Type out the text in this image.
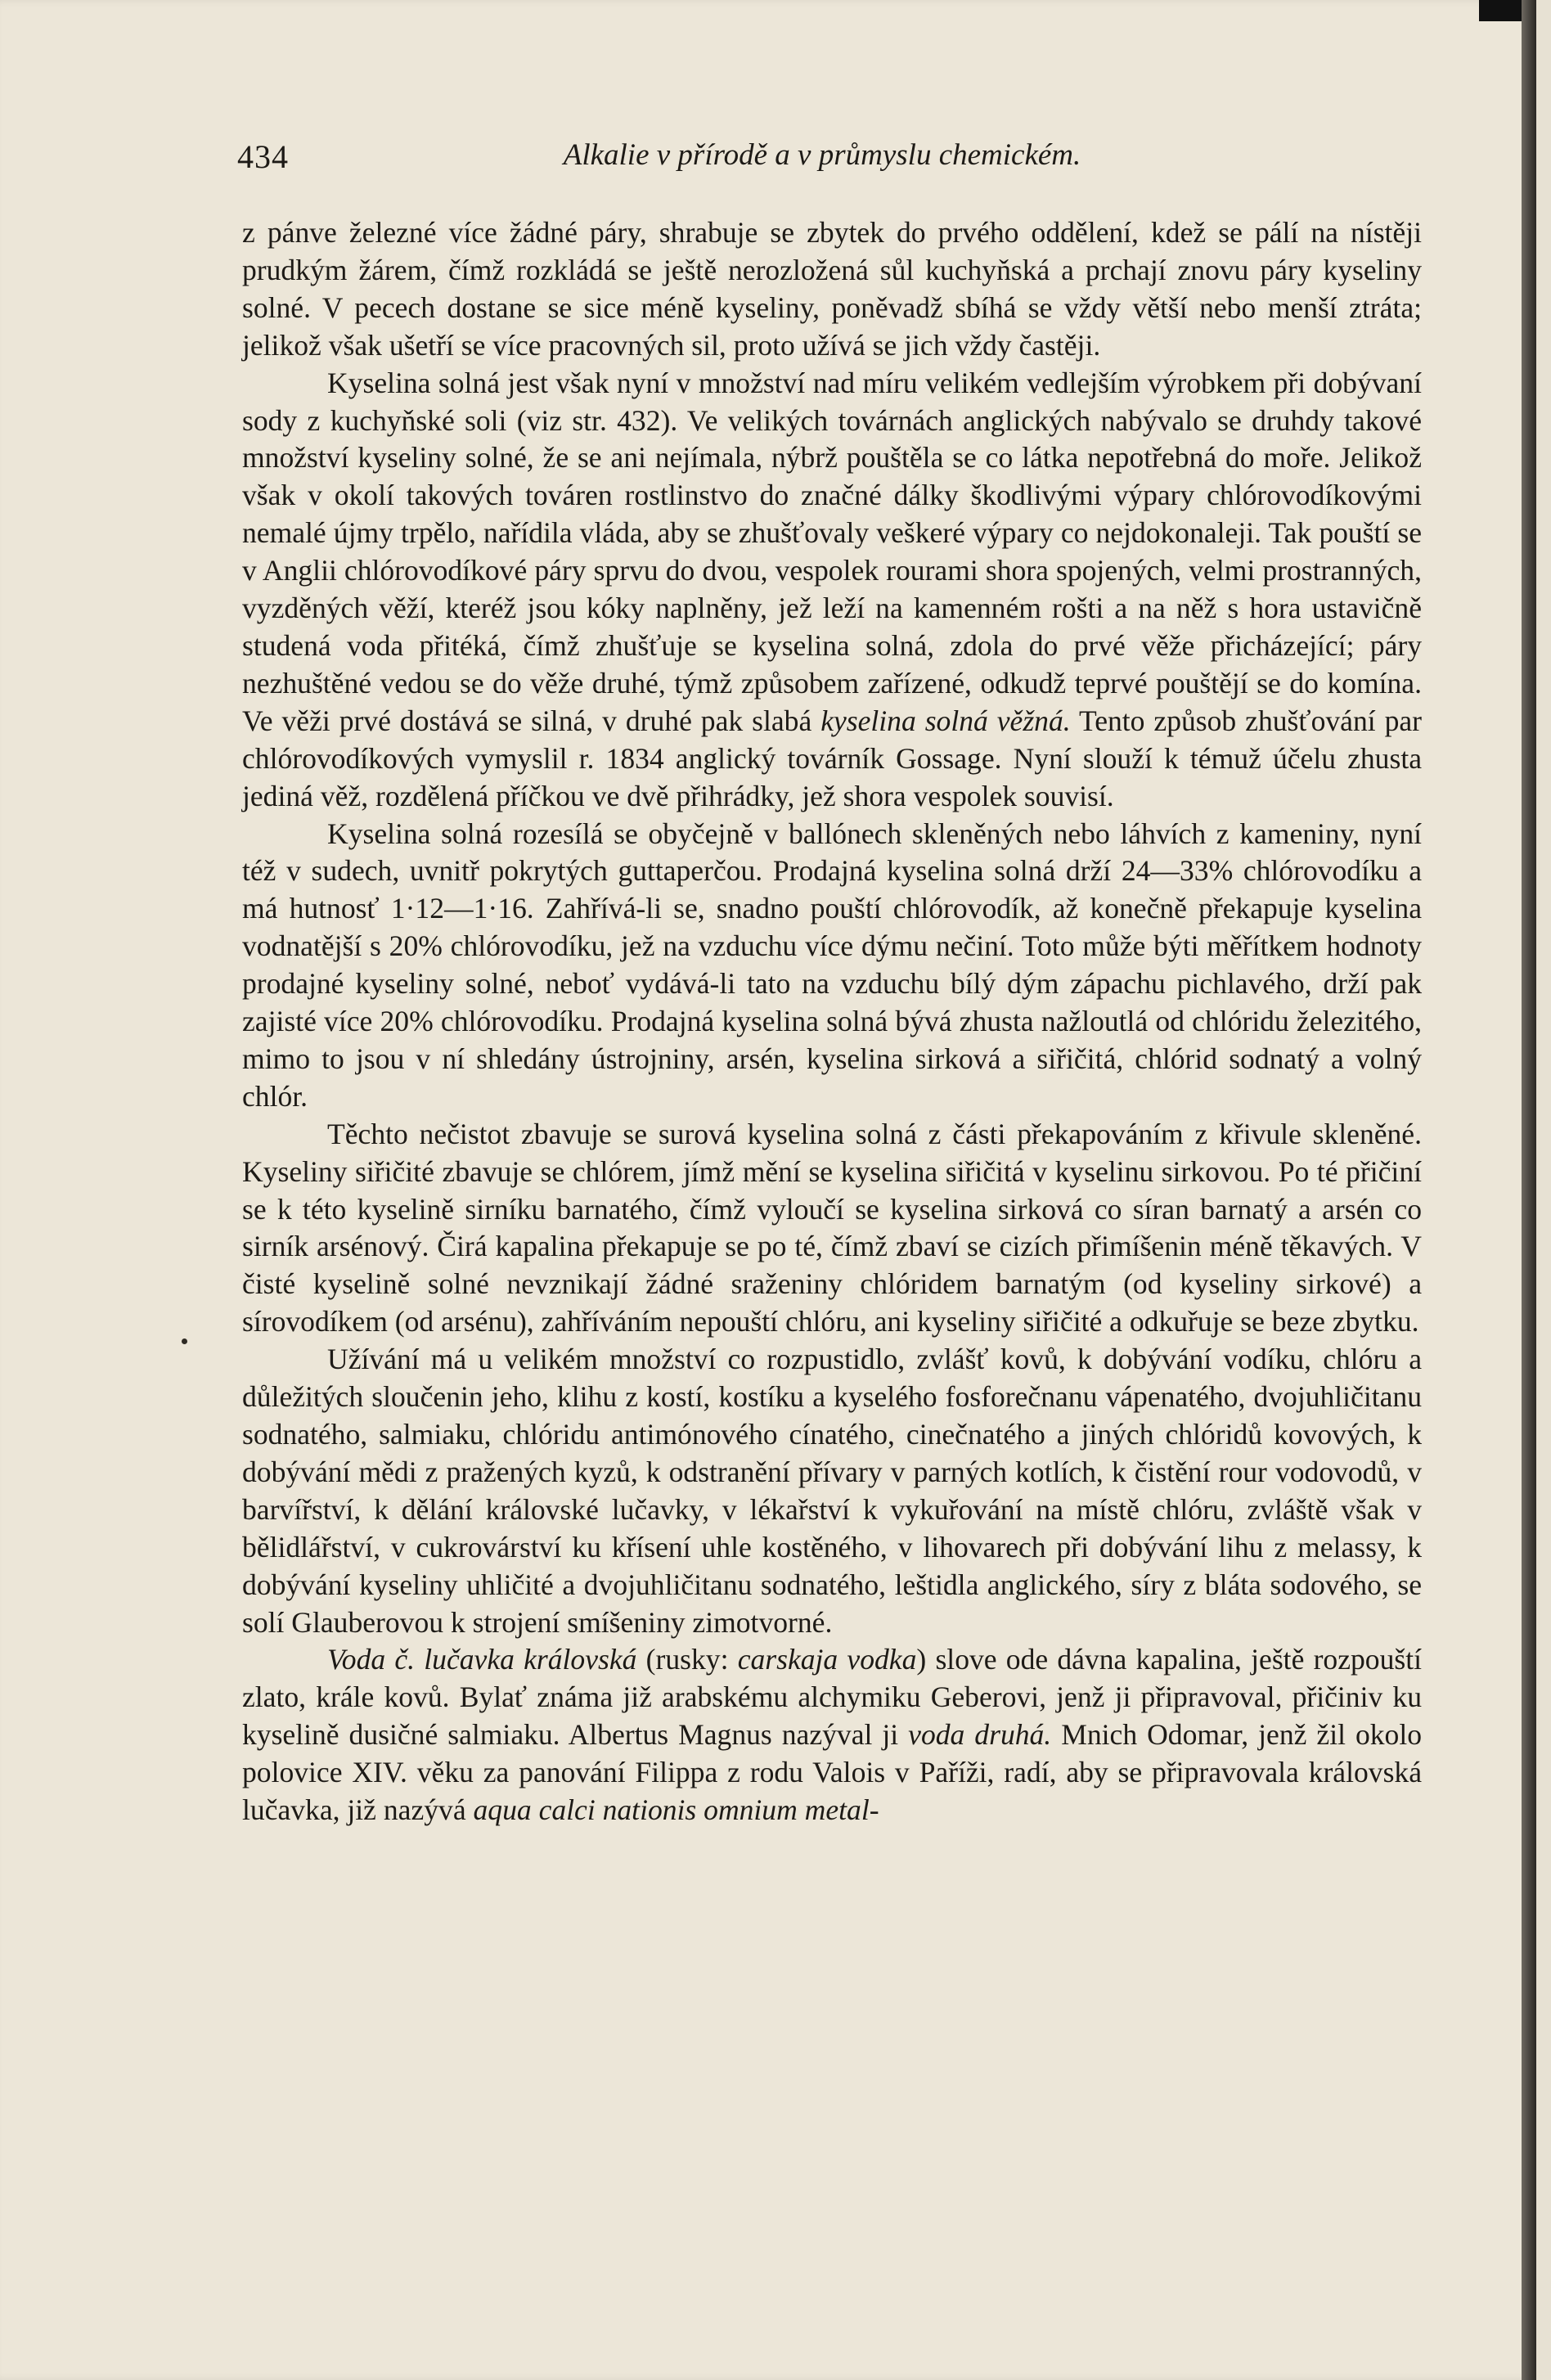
434	Alkalie v přírodě a v průmyslu chemickém.

z pánve železné více žádné páry, shrabuje se zbytek do prvého oddělení, kdež se pálí na nístěji prudkým žárem, čímž rozkládá se ještě nerozložená sůl kuchyňská a prchají znovu páry kyseliny solné. V pecech dostane se sice méně kyseliny, poněvadž sbíhá se vždy větší nebo menší ztráta; jelikož však ušetří se více pracovných sil, proto užívá se jich vždy častěji.

Kyselina solná jest však nyní v množství nad míru velikém vedlejším výrobkem při dobývaní sody z kuchyňské soli (viz str. 432). Ve velikých továrnách anglických nabývalo se druhdy takové množství kyseliny solné, že se ani nejímala, nýbrž pouštěla se co látka nepotřebná do moře. Jelikož však v okolí takových továren rostlinstvo do značné dálky škodlivými výpary chlórovodíkovými nemalé újmy trpělo, nařídila vláda, aby se zhušťovaly veškeré výpary co nejdokonaleji. Tak pouští se v Anglii chlórovodíkové páry sprvu do dvou, vespolek rourami shora spojených, velmi prostranných, vyzděných věží, kteréž jsou kóky naplněny, jež leží na kamenném rošti a na něž s hora ustavičně studená voda přitéká, čímž zhušťuje se kyselina solná, zdola do prvé věže přicházející; páry nezhuštěné vedou se do věže druhé, týmž způsobem zařízené, odkudž teprvé pouštějí se do komína. Ve věži prvé dostává se silná, v druhé pak slabá kyselina solná věžná. Tento způsob zhušťování par chlórovodíkových vymyslil r. 1834 anglický továrník Gossage. Nyní slouží k témuž účelu zhusta jediná věž, rozdělená příčkou ve dvě přihrádky, jež shora vespolek souvisí.

Kyselina solná rozesílá se obyčejně v ballónech skleněných nebo láhvích z kameniny, nyní též v sudech, uvnitř pokrytých guttaperčou. Prodajná kyselina solná drží 24—33% chlórovodíku a má hutnosť 1·12—1·16. Zahřívá-li se, snadno pouští chlórovodík, až konečně překapuje kyselina vodnatější s 20% chlórovodíku, jež na vzduchu více dýmu nečiní. Toto může býti měřítkem hodnoty prodajné kyseliny solné, neboť vydává-li tato na vzduchu bílý dým zápachu pichlavého, drží pak zajisté více 20% chlórovodíku. Prodajná kyselina solná bývá zhusta nažloutlá od chlóridu železitého, mimo to jsou v ní shledány ústrojniny, arsén, kyselina sirková a siřičitá, chlórid sodnatý a volný chlór.

Těchto nečistot zbavuje se surová kyselina solná z části překapováním z křivule skleněné. Kyseliny siřičité zbavuje se chlórem, jímž mění se kyselina siřičitá v kyselinu sirkovou. Po té přičiní se k této kyselině sirníku barnatého, čímž vyloučí se kyselina sirková co síran barnatý a arsén co sirník arsénový. Čirá kapalina překapuje se po té, čímž zbaví se cizích přimíšenin méně těkavých. V čisté kyselině solné nevznikají žádné sraženiny chlóridem barnatým (od kyseliny sirkové) a sírovodíkem (od arsénu), zahříváním nepouští chlóru, ani kyseliny siřičité a odkuřuje se beze zbytku.

Užívání má u velikém množství co rozpustidlo, zvlášť kovů, k dobývání vodíku, chlóru a důležitých sloučenin jeho, klihu z kostí, kostíku a kyselého fosforečnanu vápenatého, dvojuhličitanu sodnatého, salmiaku, chlóridu antimónového cínatého, cinečnatého a jiných chlóridů kovových, k dobývání mědi z pražených kyzů, k odstranění přívary v parných kotlích, k čistění rour vodovodů, v barvířství, k dělání královské lučavky, v lékařství k vykuřování na místě chlóru, zvláště však v bělidlářství, v cukrovárství ku křísení uhle kostěného, v lihovarech při dobývání lihu z melassy, k dobývání kyseliny uhličité a dvojuhličitanu sodnatého, leštidla anglického, síry z bláta sodového, se solí Glauberovou k strojení smíšeniny zimotvorné.

Voda č. lučavka královská (rusky: carskaja vodka) slove ode dávna kapalina, ještě rozpouští zlato, krále kovů. Bylať známa již arabskému alchymiku Geberovi, jenž ji připravoval, přičiniv ku kyselině dusičné salmiaku. Albertus Magnus nazýval ji voda druhá. Mnich Odomar, jenž žil okolo polovice XIV. věku za panování Filippa z rodu Valois v Paříži, radí, aby se připravovala královská lučavka, již nazývá aqua calci nationis omnium metal-
